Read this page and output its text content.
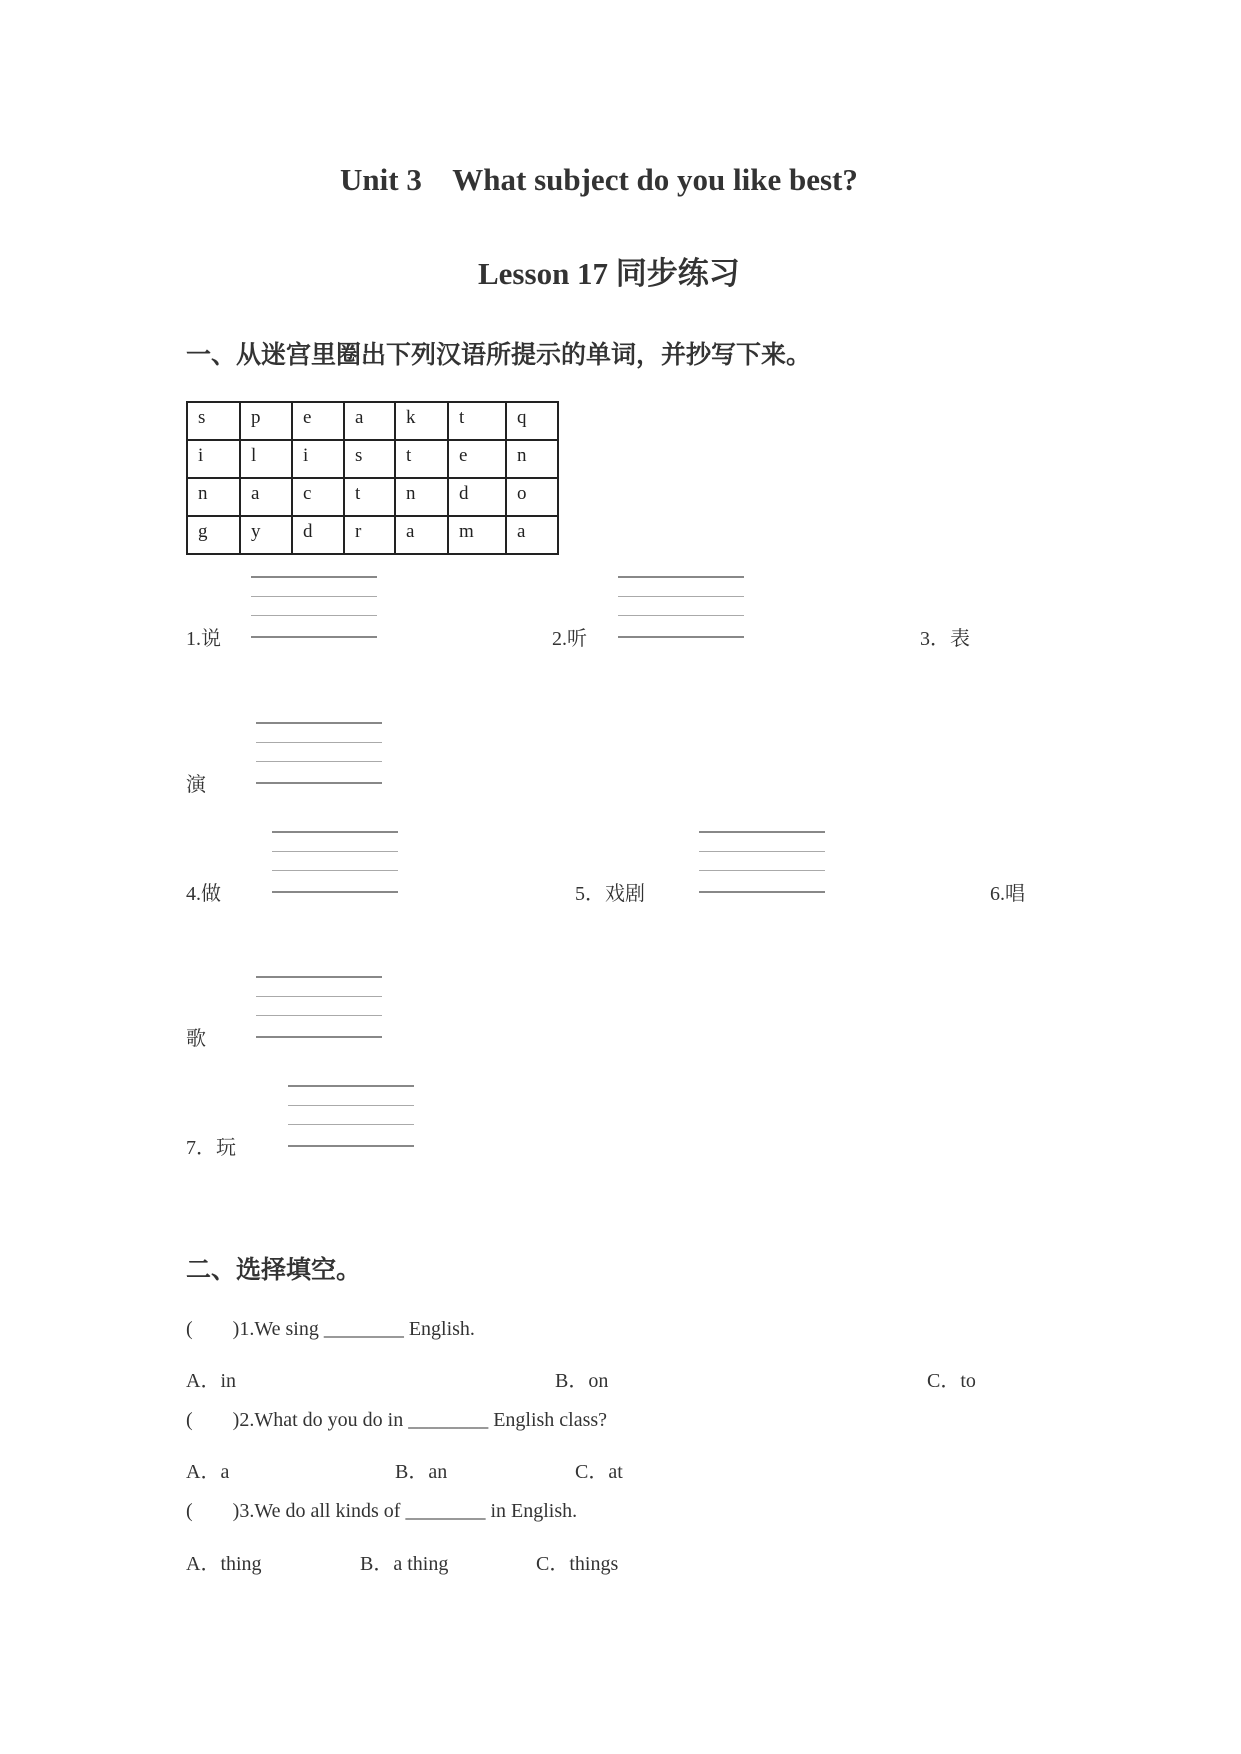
Unit 3    What subject do you like best?
Lesson 17 同步练习
一、从迷宫里圈出下列汉语所提示的单词，并抄写下来。
s	p	e	a	k	t	q
i	l	i	s	t	e	n
n	a	c	t	n	d	o
g	y	d	r	a	m	a
1.说	2.听	3．表
演
4.做	5．戏剧	6.唱
歌
7．玩
二、选择填空。
(        )1.We sing ________ English.
A．in	B．on	C．to
(        )2.What do you do in ________ English class?
A．a	B．an	C．at
(        )3.We do all kinds of ________ in English.
A．thing	B．a thing	C．things
